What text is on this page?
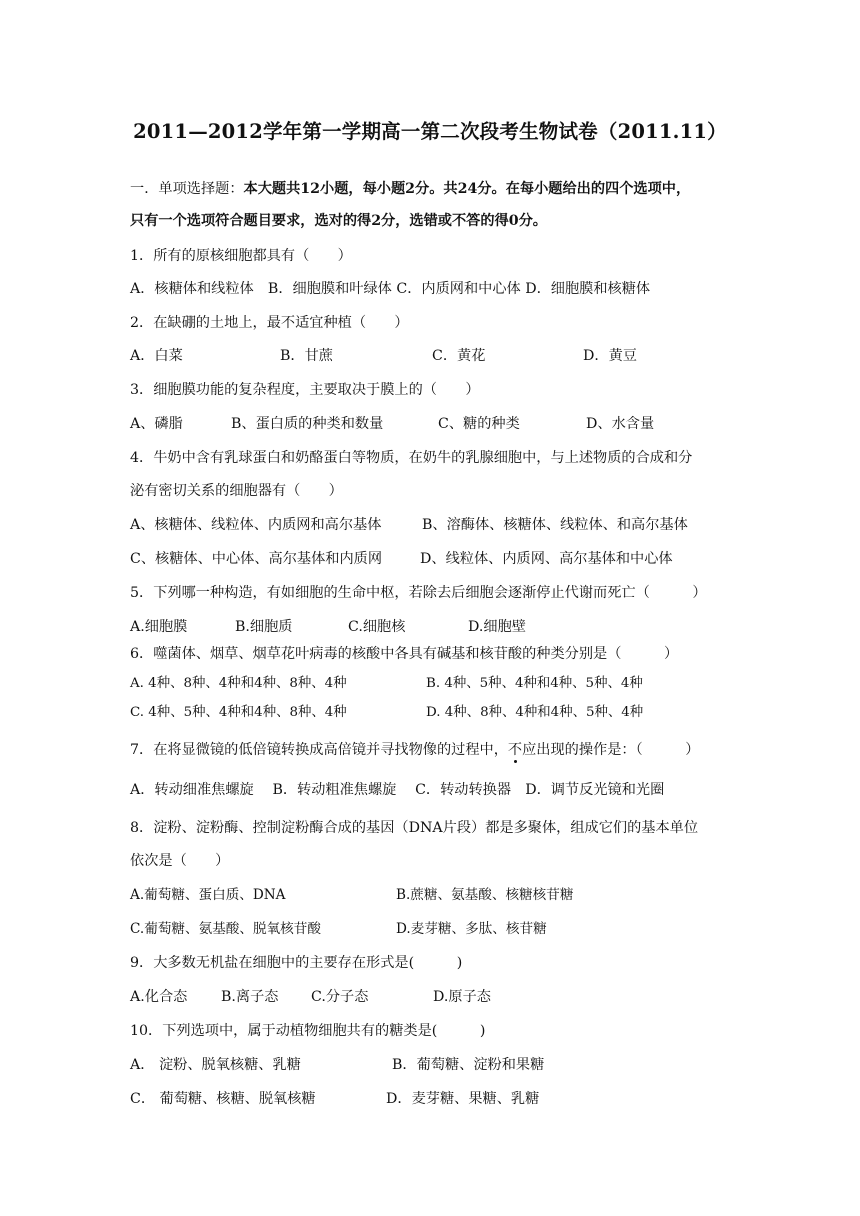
2011—2012学年第一学期高一第二次段考生物试卷（2011.11）
一．单项选择题：本大题共12小题，每小题2分。共24分。在每小题给出的四个选项中，
只有一个选项符合题目要求，选对的得2分，选错或不答的得0分。
1．所有的原核细胞都具有（　　）
A．核糖体和线粒体　B．细胞膜和叶绿体 C．内质网和中心体 D．细胞膜和核糖体
2．在缺硼的土地上，最不适宜种植（　　）
A．白菜	B．甘蔗	C．黄花	D．黄豆
3．细胞膜功能的复杂程度，主要取决于膜上的（　　）
A、磷脂	B、蛋白质的种类和数量	C、糖的种类	D、水含量
4．牛奶中含有乳球蛋白和奶酪蛋白等物质，在奶牛的乳腺细胞中，与上述物质的合成和分
泌有密切关系的细胞器有（　　）
A、核糖体、线粒体、内质网和高尔基体	B、溶酶体、核糖体、线粒体、和高尔基体
C、核糖体、中心体、高尔基体和内质网	D、线粒体、内质网、高尔基体和中心体
5．下列哪一种构造，有如细胞的生命中枢，若除去后细胞会逐渐停止代谢而死亡（　　　）
A.细胞膜	B.细胞质	C.细胞核	D.细胞壁
6．噬菌体、烟草、烟草花叶病毒的核酸中各具有碱基和核苷酸的种类分别是（　　　）
A. 4种、8种、4种和4种、8种、4种	B. 4种、5种、4种和4种、5种、4种
C. 4种、5种、4种和4种、8种、4种	D. 4种、8种、4种和4种、5种、4种
7．在将显微镜的低倍镜转换成高倍镜并寻找物像的过程中，不应出现的操作是：（　　　）
A．转动细准焦螺旋　 B．转动粗准焦螺旋　 C．转动转换器　D．调节反光镜和光圈
8．淀粉、淀粉酶、控制淀粉酶合成的基因（DNA片段）都是多聚体，组成它们的基本单位
依次是（　　）
A.葡萄糖、蛋白质、DNA	B.蔗糖、氨基酸、核糖核苷糖
C.葡萄糖、氨基酸、脱氧核苷酸	D.麦芽糖、多肽、核苷糖
9．大多数无机盐在细胞中的主要存在形式是(　　　)
A.化合态 B.离子态 C.分子态	D.原子态
10．下列选项中，属于动植物细胞共有的糖类是(　　　)
A． 淀粉、脱氧核糖、乳糖	B．葡萄糖、淀粉和果糖
C． 葡萄糖、核糖、脱氧核糖	D．麦芽糖、果糖、乳糖
